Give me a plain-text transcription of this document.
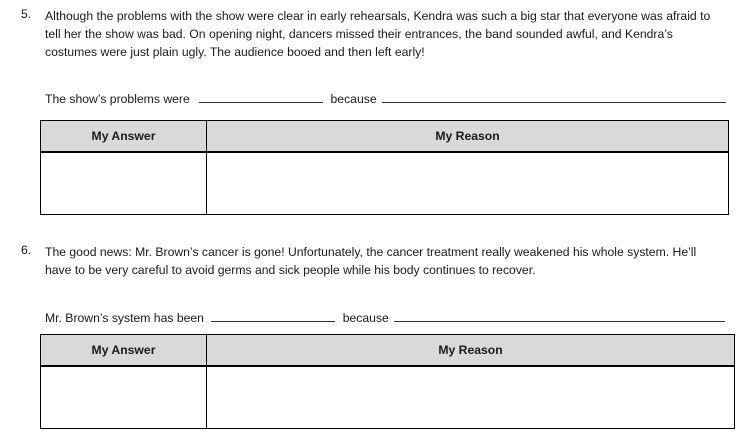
5. Although the problems with the show were clear in early rehearsals, Kendra was such a big star that everyone was afraid to tell her the show was bad. On opening night, dancers missed their entrances, the band sounded awful, and Kendra’s costumes were just plain ugly. The audience booed and then left early!

The show’s problems were	because
My Answer	My Reason

6. The good news: Mr. Brown’s cancer is gone! Unfortunately, the cancer treatment really weakened his whole system. He’ll have to be very careful to avoid germs and sick people while his body continues to recover.

Mr. Brown’s system has been	because
My Answer	My Reason
